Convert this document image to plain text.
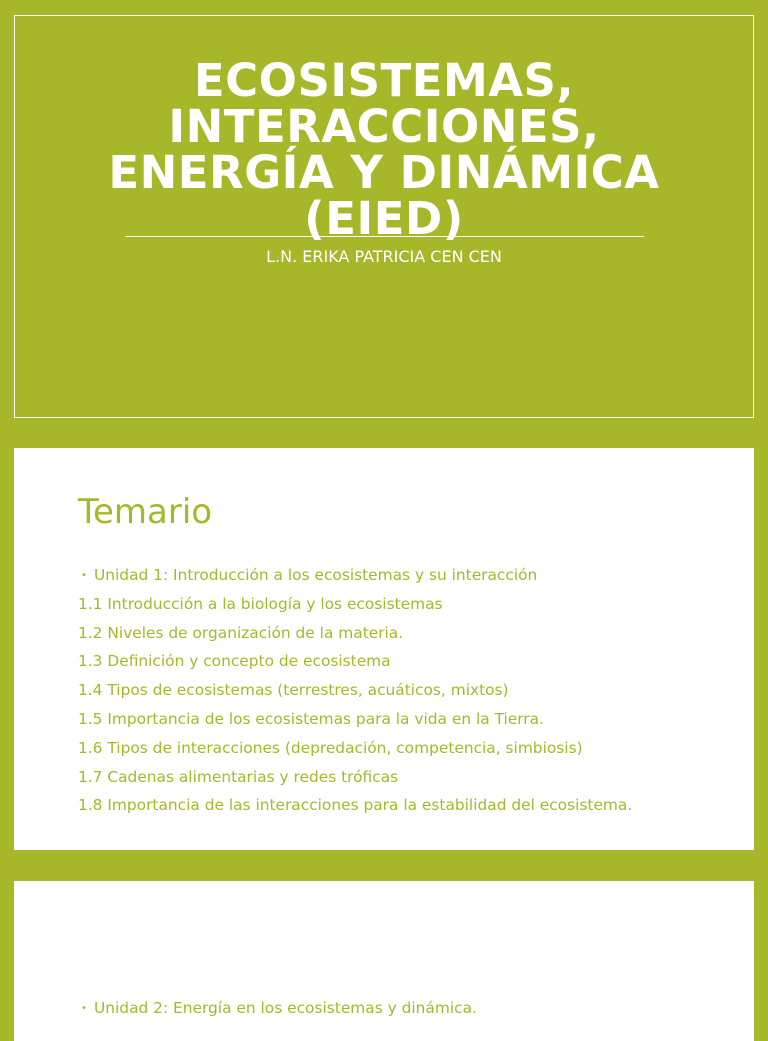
ECOSISTEMAS,
INTERACCIONES,
ENERGÍA Y DINÁMICA
(EIED)
L.N. ERIKA PATRICIA CEN CEN
Temario
• Unidad 1: Introducción a los ecosistemas y su interacción
1.1 Introducción a la biología y los ecosistemas
1.2 Niveles de organización de la materia.
1.3 Definición y concepto de ecosistema
1.4 Tipos de ecosistemas (terrestres, acuáticos, mixtos)
1.5 Importancia de los ecosistemas para la vida en la Tierra.
1.6 Tipos de interacciones (depredación, competencia, simbiosis)
1.7 Cadenas alimentarias y redes tróficas
1.8 Importancia de las interacciones para la estabilidad del ecosistema.
• Unidad 2: Energía en los ecosistemas y dinámica.
